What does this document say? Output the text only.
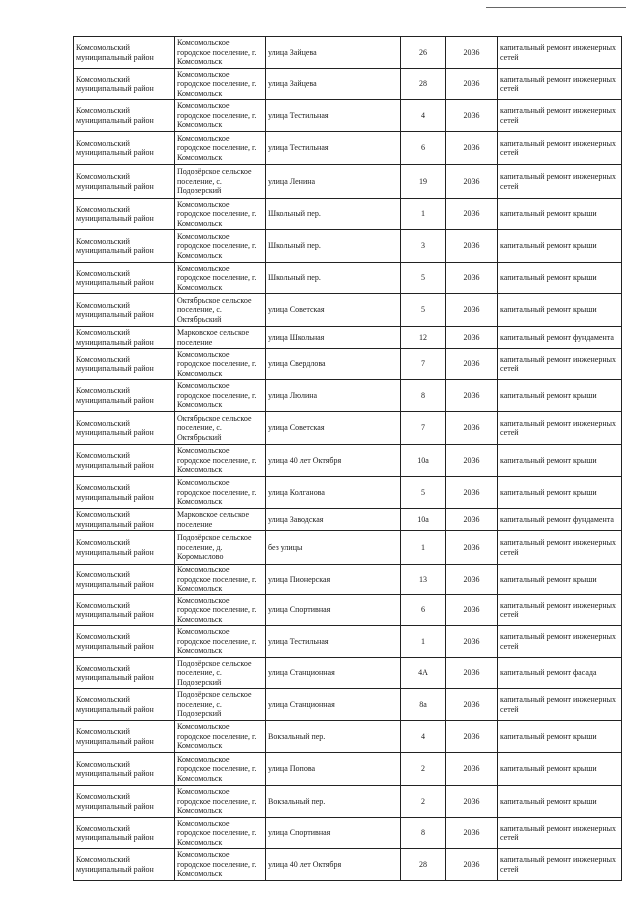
Комсомольский муниципальный район	Комсомольское городское поселение, г. Комсомольск	улица Зайцева	26	2036	капитальный ремонт инженерных сетей
Комсомольский муниципальный район	Комсомольское городское поселение, г. Комсомольск	улица Зайцева	28	2036	капитальный ремонт инженерных сетей
Комсомольский муниципальный район	Комсомольское городское поселение, г. Комсомольск	улица Тестильная	4	2036	капитальный ремонт инженерных сетей
Комсомольский муниципальный район	Комсомольское городское поселение, г. Комсомольск	улица Тестильная	6	2036	капитальный ремонт инженерных сетей
Комсомольский муниципальный район	Подозёрское сельское поселение, с. Подозерский	улица Ленина	19	2036	капитальный ремонт инженерных сетей
Комсомольский муниципальный район	Комсомольское городское поселение, г. Комсомольск	Школьный пер.	1	2036	капитальный ремонт крыши
Комсомольский муниципальный район	Комсомольское городское поселение, г. Комсомольск	Школьный пер.	3	2036	капитальный ремонт крыши
Комсомольский муниципальный район	Комсомольское городское поселение, г. Комсомольск	Школьный пер.	5	2036	капитальный ремонт крыши
Комсомольский муниципальный район	Октябрьское сельское поселение, с. Октябрьский	улица Советская	5	2036	капитальный ремонт крыши
Комсомольский муниципальный район	Марковское сельское поселение	улица Школьная	12	2036	капитальный ремонт фундамента
Комсомольский муниципальный район	Комсомольское городское поселение, г. Комсомольск	улица Свердлова	7	2036	капитальный ремонт инженерных сетей
Комсомольский муниципальный район	Комсомольское городское поселение, г. Комсомольск	улица Люлина	8	2036	капитальный ремонт крыши
Комсомольский муниципальный район	Октябрьское сельское поселение, с. Октябрьский	улица Советская	7	2036	капитальный ремонт инженерных сетей
Комсомольский муниципальный район	Комсомольское городское поселение, г. Комсомольск	улица 40 лет Октября	10а	2036	капитальный ремонт крыши
Комсомольский муниципальный район	Комсомольское городское поселение, г. Комсомольск	улица Колганова	5	2036	капитальный ремонт крыши
Комсомольский муниципальный район	Марковское сельское поселение	улица Заводская	10а	2036	капитальный ремонт фундамента
Комсомольский муниципальный район	Подозёрское сельское поселение, д. Коромыслово	без улицы	1	2036	капитальный ремонт инженерных сетей
Комсомольский муниципальный район	Комсомольское городское поселение, г. Комсомольск	улица Пионерская	13	2036	капитальный ремонт крыши
Комсомольский муниципальный район	Комсомольское городское поселение, г. Комсомольск	улица Спортивная	6	2036	капитальный ремонт инженерных сетей
Комсомольский муниципальный район	Комсомольское городское поселение, г. Комсомольск	улица Тестильная	1	2036	капитальный ремонт инженерных сетей
Комсомольский муниципальный район	Подозёрское сельское поселение, с. Подозерский	улица Станционная	4А	2036	капитальный ремонт фасада
Комсомольский муниципальный район	Подозёрское сельское поселение, с. Подозерский	улица Станционная	8а	2036	капитальный ремонт инженерных сетей
Комсомольский муниципальный район	Комсомольское городское поселение, г. Комсомольск	Вокзальный пер.	4	2036	капитальный ремонт крыши
Комсомольский муниципальный район	Комсомольское городское поселение, г. Комсомольск	улица Попова	2	2036	капитальный ремонт крыши
Комсомольский муниципальный район	Комсомольское городское поселение, г. Комсомольск	Вокзальный пер.	2	2036	капитальный ремонт крыши
Комсомольский муниципальный район	Комсомольское городское поселение, г. Комсомольск	улица Спортивная	8	2036	капитальный ремонт инженерных сетей
Комсомольский муниципальный район	Комсомольское городское поселение, г. Комсомольск	улица 40 лет Октября	28	2036	капитальный ремонт инженерных сетей
